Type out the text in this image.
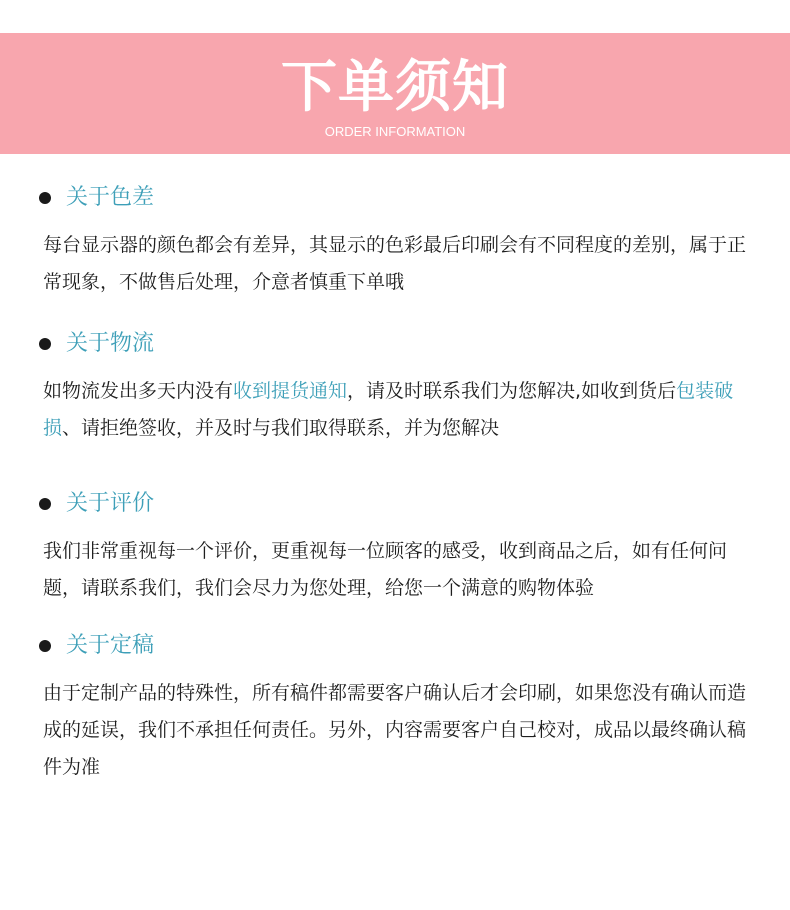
下单须知
ORDER INFORMATION
关于色差
每台显示器的颜色都会有差异，其显示的色彩最后印刷会有不同程度的差别，属于正常现象，不做售后处理，介意者慎重下单哦
关于物流
如物流发出多天内没有收到提货通知，请及时联系我们为您解决,如收到货后包装破损、请拒绝签收，并及时与我们取得联系，并为您解决
关于评价
我们非常重视每一个评价，更重视每一位顾客的感受，收到商品之后，如有任何问题，请联系我们，我们会尽力为您处理，给您一个满意的购物体验
关于定稿
由于定制产品的特殊性，所有稿件都需要客户确认后才会印刷，如果您没有确认而造成的延误，我们不承担任何责任。另外，内容需要客户自己校对，成品以最终确认稿件为准
